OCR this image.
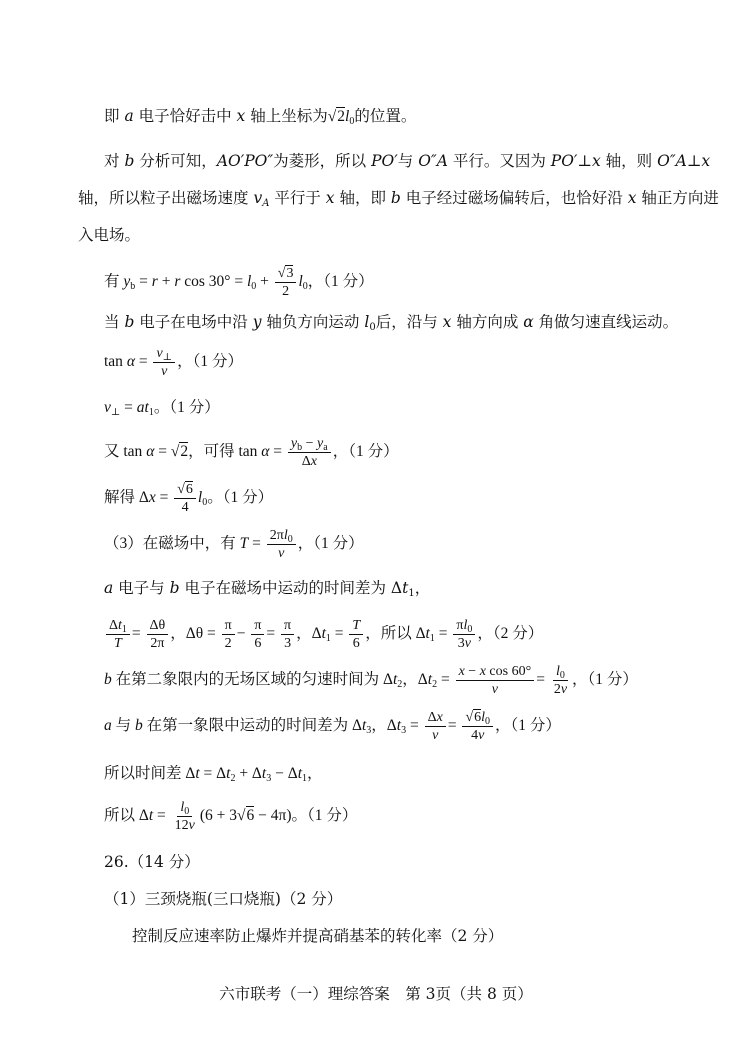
即 a 电子恰好击中 x 轴上坐标为$√2l_0$的位置。
对 b 分析可知，AO′PO″为菱形，所以 PO′与 O″A 平行。又因为 PO′⊥x 轴，则 O″A⊥x
轴，所以粒子出磁场速度 $v_A$ 平行于 x 轴，即 b 电子经过磁场偏转后，也恰好沿 x 轴正方向进
入电场。
有 $y_b = r + r$ $\cos 30^\circ = l_0 + \frac{√3}{2} l_0$，（1 分）
当 b 电子在电场中沿 y 轴负方向运动 $l_0$后，沿与 x 轴方向成 α 角做匀速直线运动。
$\tan \alpha = \frac{v_\perp}{v}$ ，（1 分）
$v_\perp = at_1$。（1 分）
又 tan α = √2，可得 $\tan \alpha = \frac{y_b - y_a}{\Delta x}$ ，（1 分）
解得 $\Delta x = \frac{√6}{4} l_0$。（1 分）
（3）在磁场中，有 $T = \frac{2\pi l_0}{v}$ ，（1 分）
a 电子与 b 电子在磁场中运动的时间差为 $\Delta t_1$，
$\frac{\Delta t_1}{T} = \frac{\Delta\theta}{2\pi}$ ，$\Delta\theta = \frac{\pi}{2} - \frac{\pi}{6} = \frac{\pi}{3}$ ，$\Delta t_1 = \frac{T}{6}$ ，所以 $\Delta t_1 = \frac{\pi l_0}{3v}$ ，（2 分）
b 在第二象限内的无场区域的匀速时间为 $\Delta t_2$，$\Delta t_2 = \frac{\text{x − x cos 60°}}{v} = \frac{l_0}{2v}$ ，（1 分）
a 与 b 在第一象限中运动的时间差为 $\Delta t_3$，$\Delta t_3 = \frac{\Delta x}{v} = \frac{√6l_0}{4v}$ ，（1 分）
所以时间差 $\Delta t = \Delta t_2 + \Delta t_3 - \Delta t_1$，
所以 $\Delta t = \frac{l_0}{12v} (6 + 3√6 - 4\pi)$。（1 分）
26.（14 分）
（1）三颈烧瓶(三口烧瓶)（2 分）
控制反应速率防止爆炸并提高硝基苯的转化率（2 分）
六市联考（一）理综答案　第 3页（共 8 页）
